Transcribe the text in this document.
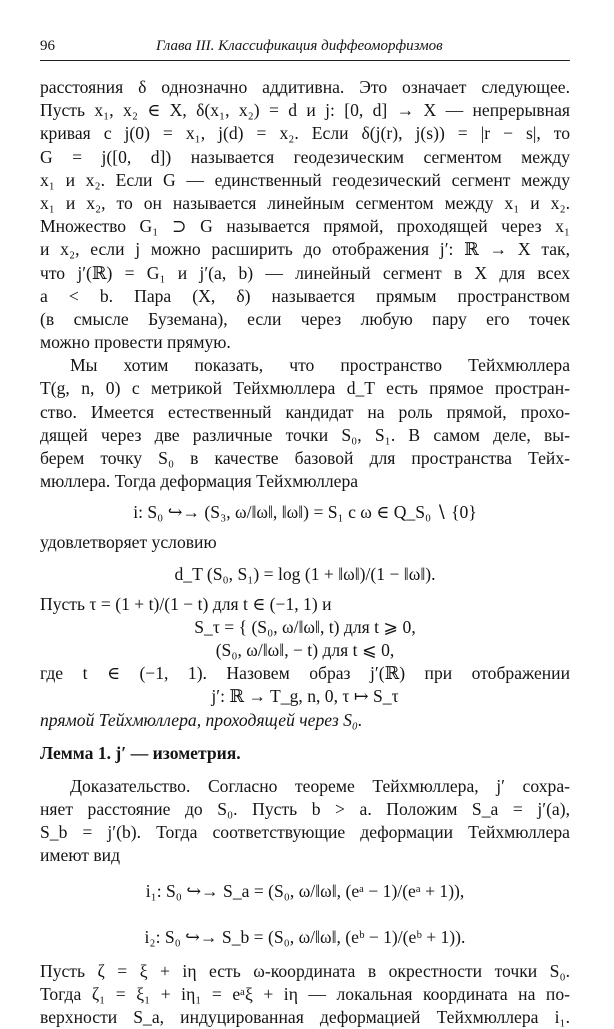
96	Глава III. Классификация диффеоморфизмов
расстояния δ однозначно аддитивна. Это означает следующее.
Пусть x₁, x₂ ∈ X, δ(x₁, x₂) = d и j: [0, d] → X — непрерывная
кривая с j(0) = x₁, j(d) = x₂. Если δ(j(r), j(s)) = |r − s|, то
G = j([0, d]) называется геодезическим сегментом между
x₁ и x₂. Если G — единственный геодезический сегмент между
x₁ и x₂, то он называется линейным сегментом между x₁ и x₂.
Множество G₁ ⊃ G называется прямой, проходящей через x₁
и x₂, если j можно расширить до отображения j′: ℝ → X так,
что j′(ℝ) = G₁ и j′(a, b) — линейный сегмент в X для всех
a < b. Пара (X, δ) называется прямым пространством
(в смысле Буземана), если через любую пару его точек
можно провести прямую.
Мы хотим показать, что пространство Тейхмюллера
T(g, n, 0) с метрикой Тейхмюллера d_T есть прямое простран-
ство. Имеется естественный кандидат на роль прямой, прохо-
дящей через две различные точки S₀, S₁. В самом деле, вы-
берем точку S₀ в качестве базовой для пространства Тейх-
мюллера. Тогда деформация Тейхмюллера
i: S₀ ↪→ (S₃, ω/‖ω‖, ‖ω‖) = S₁ с ω ∈ Q_S₀ ∖ {0}
удовлетворяет условию
d_T (S₀, S₁) = log (1 + ‖ω‖)/(1 − ‖ω‖).
Пусть τ = (1 + t)/(1 − t) для t ∈ (−1, 1) и
S_τ = { (S₀, ω/‖ω‖, t) для t ⩾ 0,
(S₀, ω/‖ω‖, − t) для t ⩽ 0,
где t ∈ (−1, 1). Назовем образ j′(ℝ) при отображении
j′: ℝ → T_g, n, 0, τ ↦ S_τ
прямой Тейхмюллера, проходящей через S₀.
Лемма 1. j′ — изометрия.
Доказательство. Согласно теореме Тейхмюллера, j′ сохра-
няет расстояние до S₀. Пусть b > a. Положим S_a = j′(a),
S_b = j′(b). Тогда соответствующие деформации Тейхмюллера
имеют вид
i₁: S₀ ↪→ S_a = (S₀, ω/‖ω‖, (eᵃ − 1)/(eᵃ + 1)),
i₂: S₀ ↪→ S_b = (S₀, ω/‖ω‖, (eᵇ − 1)/(eᵇ + 1)).
Пусть ζ = ξ + iη есть ω-координата в окрестности точки S₀.
Тогда ζ₁ = ξ₁ + iη₁ = eᵃξ + iη — локальная координата на по-
верхности S_a, индуцированная деформацией Тейхмюллера i₁.
